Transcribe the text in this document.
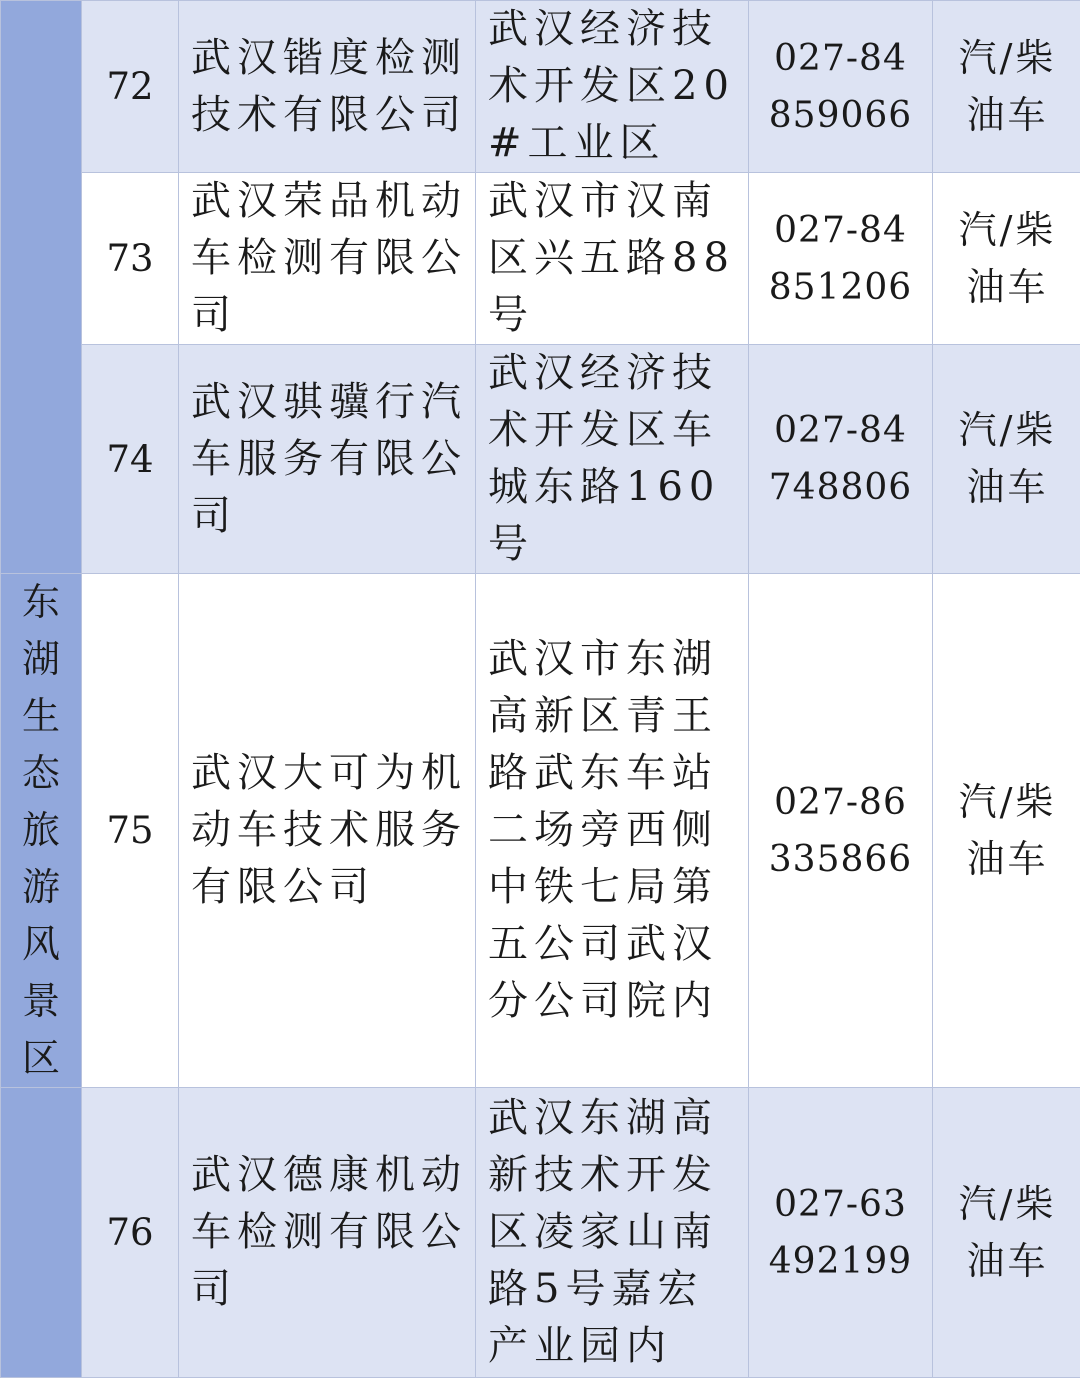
	72	武汉锴度检测技术有限公司	武汉经济技术开发区20#工业区	027-84859066	汽/柴油车

	73	武汉荣品机动车检测有限公司	武汉市汉南区兴五路88号	027-84851206	汽/柴油车

	74	武汉骐骥行汽车服务有限公司	武汉经济技术开发区车城东路160号	027-84748806	汽/柴油车

东湖生态旅游风景区	75	武汉大可为机动车技术服务有限公司	武汉市东湖高新区青王路武东车站二场旁西侧中铁七局第五公司武汉分公司院内	027-86335866	汽/柴油车

	76	武汉德康机动车检测有限公司	武汉东湖高新技术开发区凌家山南路5号嘉宏产业园内	027-63492199	汽/柴油车
